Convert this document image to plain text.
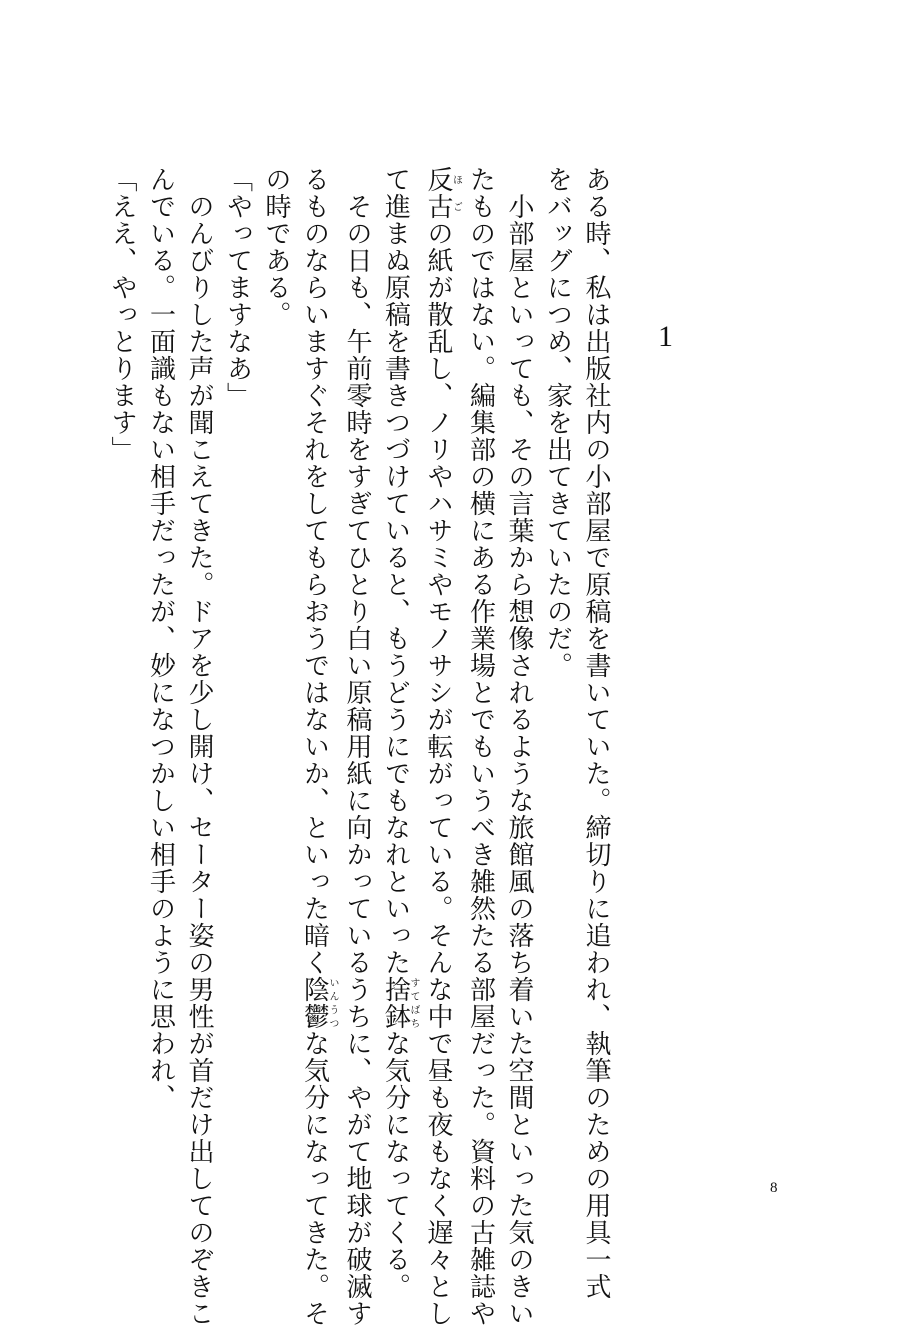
1
ある時、私は出版社内の小部屋で原稿を書いていた。締切りに追われ、執筆のための用具一式
をバッグにつめ、家を出てきていたのだ。
　小部屋といっても、その言葉から想像されるような旅館風の落ち着いた空間といった気のきい
たものではない。編集部の横にある作業場とでもいうべき雑然たる部屋だった。資料の古雑誌や
反古ほごの紙が散乱し、ノリやハサミやモノサシが転がっている。そんな中で昼も夜もなく遅々とし
て進まぬ原稿を書きつづけていると、もうどうにでもなれといった捨鉢すてばちな気分になってくる。
　その日も、午前零時をすぎてひとり白い原稿用紙に向かっているうちに、やがて地球が破滅す
るものならいますぐそれをしてもらおうではないか、といった暗く陰鬱いんうつな気分になってきた。そ
の時である。
「やってますなあ」
　のんびりした声が聞こえてきた。ドアを少し開け、セーター姿の男性が首だけ出してのぞきこ
んでいる。一面識もない相手だったが、妙になつかしい相手のように思われ、
「ええ、やっとります」
8
